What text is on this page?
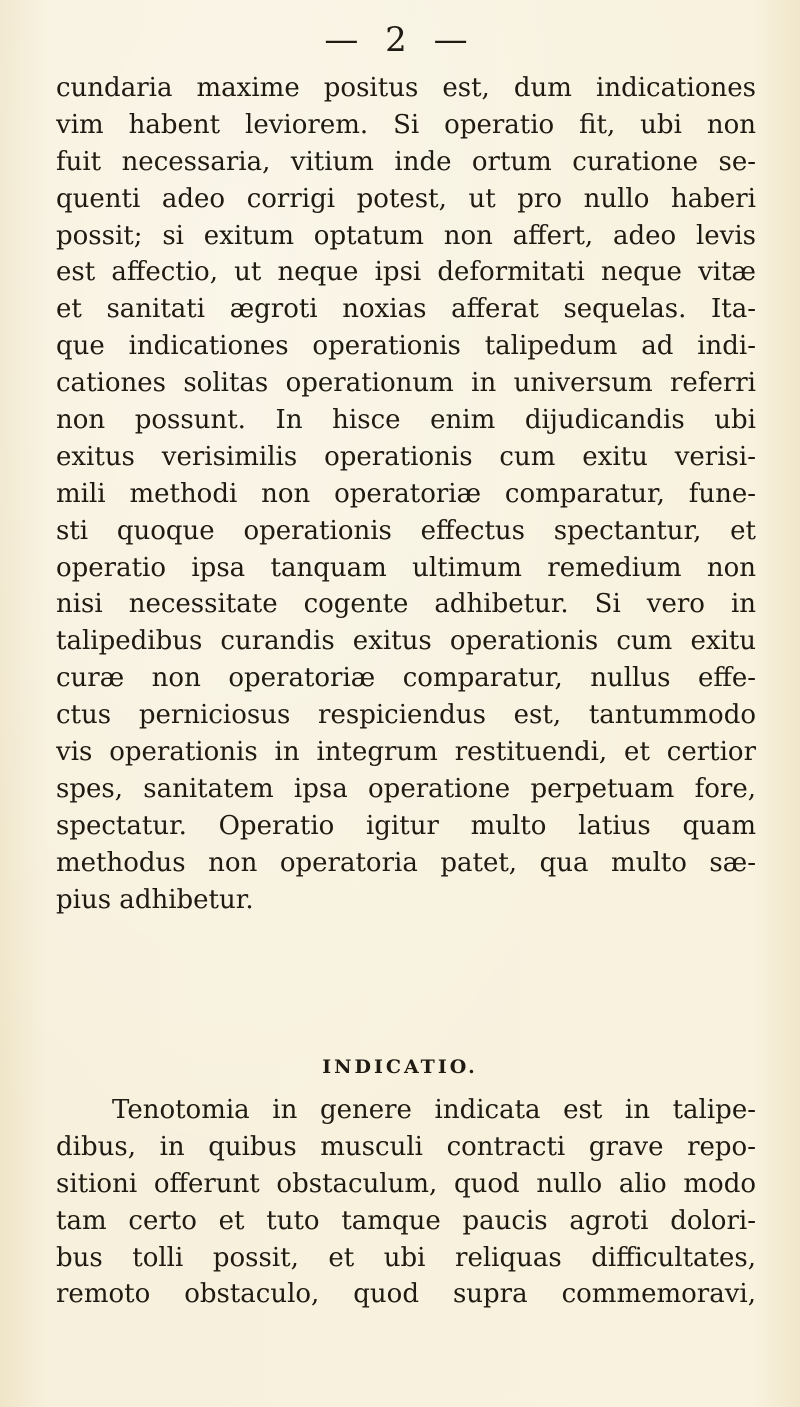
— 2 —
cundaria maxime positus est, dum indicationes
vim habent leviorem. Si operatio fit, ubi non
fuit necessaria, vitium inde ortum curatione se-
quenti adeo corrigi potest, ut pro nullo haberi
possit; si exitum optatum non affert, adeo levis
est affectio, ut neque ipsi deformitati neque vitæ
et sanitati ægroti noxias afferat sequelas. Ita-
que indicationes operationis talipedum ad indi-
cationes solitas operationum in universum referri
non possunt. In hisce enim dijudicandis ubi
exitus verisimilis operationis cum exitu verisi-
mili methodi non operatoriæ comparatur, fune-
sti quoque operationis effectus spectantur, et
operatio ipsa tanquam ultimum remedium non
nisi necessitate cogente adhibetur. Si vero in
talipedibus curandis exitus operationis cum exitu
curæ non operatoriæ comparatur, nullus effe-
ctus perniciosus respiciendus est, tantummodo
vis operationis in integrum restituendi, et certior
spes, sanitatem ipsa operatione perpetuam fore,
spectatur. Operatio igitur multo latius quam
methodus non operatoria patet, qua multo sæ-
pius adhibetur.
INDICATIO.
Tenotomia in genere indicata est in talipe-
dibus, in quibus musculi contracti grave repo-
sitioni offerunt obstaculum, quod nullo alio modo
tam certo et tuto tamque paucis agroti dolori-
bus tolli possit, et ubi reliquas difficultates,
remoto obstaculo, quod supra commemoravi,
